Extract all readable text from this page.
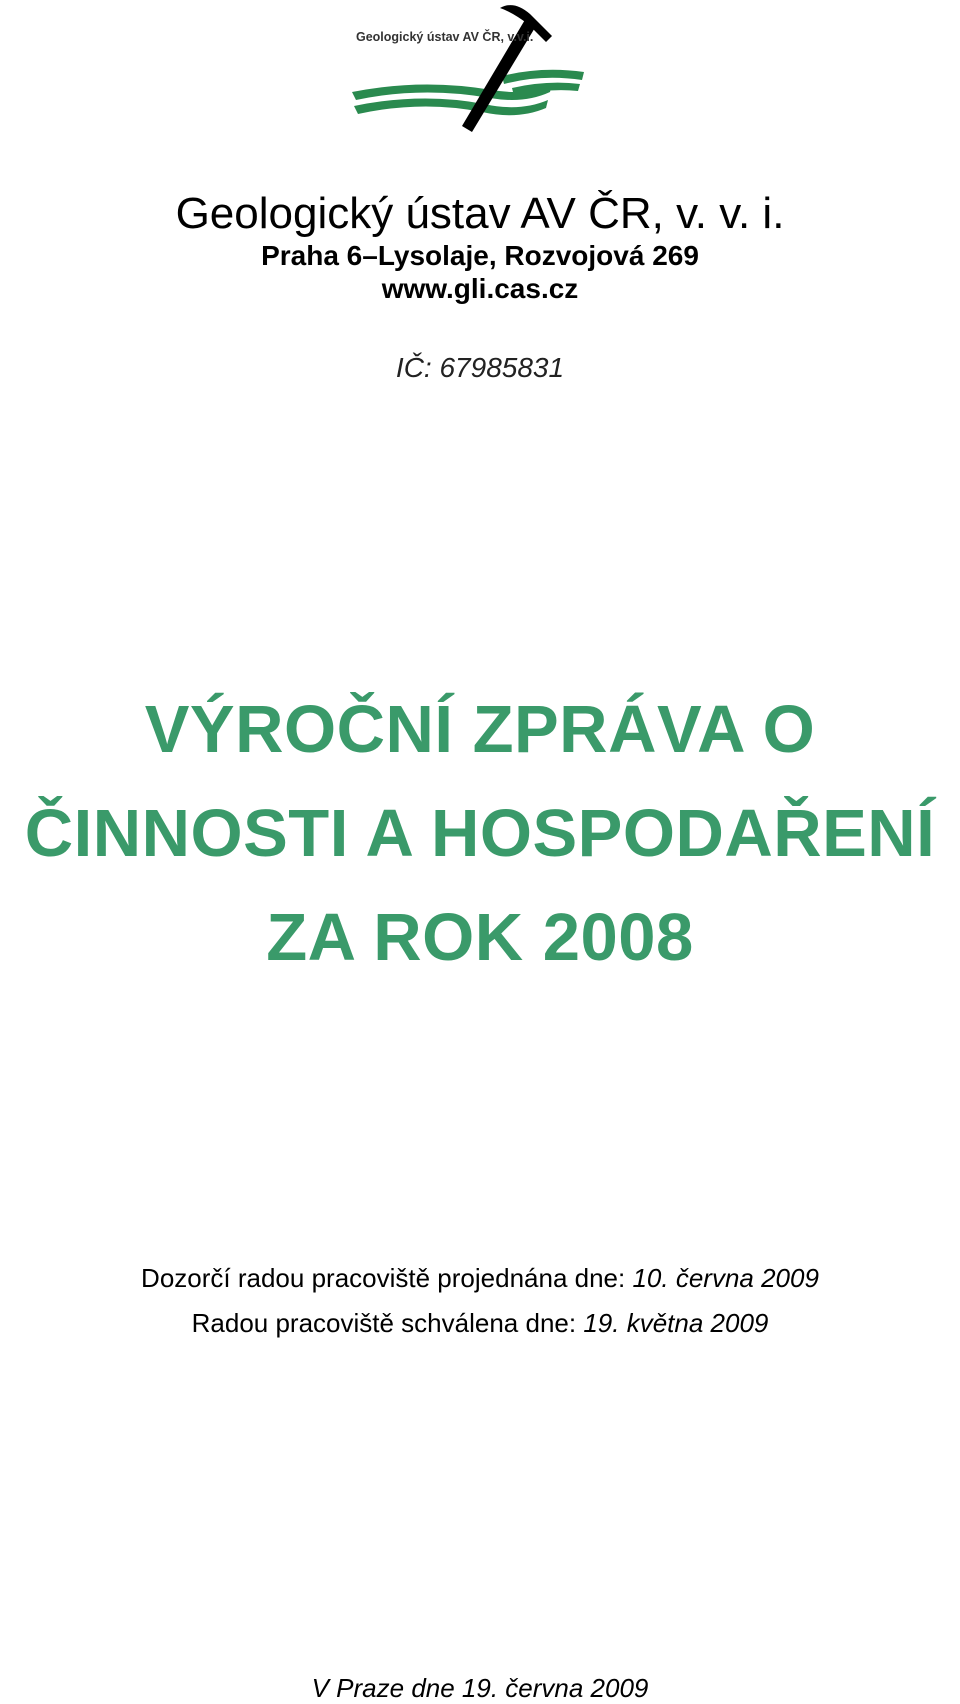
Geologický ústav AV ČR, v.v.i.
Geologický ústav AV ČR, v. v. i.
Praha 6–Lysolaje, Rozvojová 269
www.gli.cas.cz
IČ: 67985831
VÝROČNÍ ZPRÁVA O
ČINNOSTI A HOSPODAŘENÍ
ZA ROK 2008
Dozorčí radou pracoviště projednána dne: 10. června 2009
Radou pracoviště schválena dne: 19. května 2009
V Praze dne 19. června 2009
